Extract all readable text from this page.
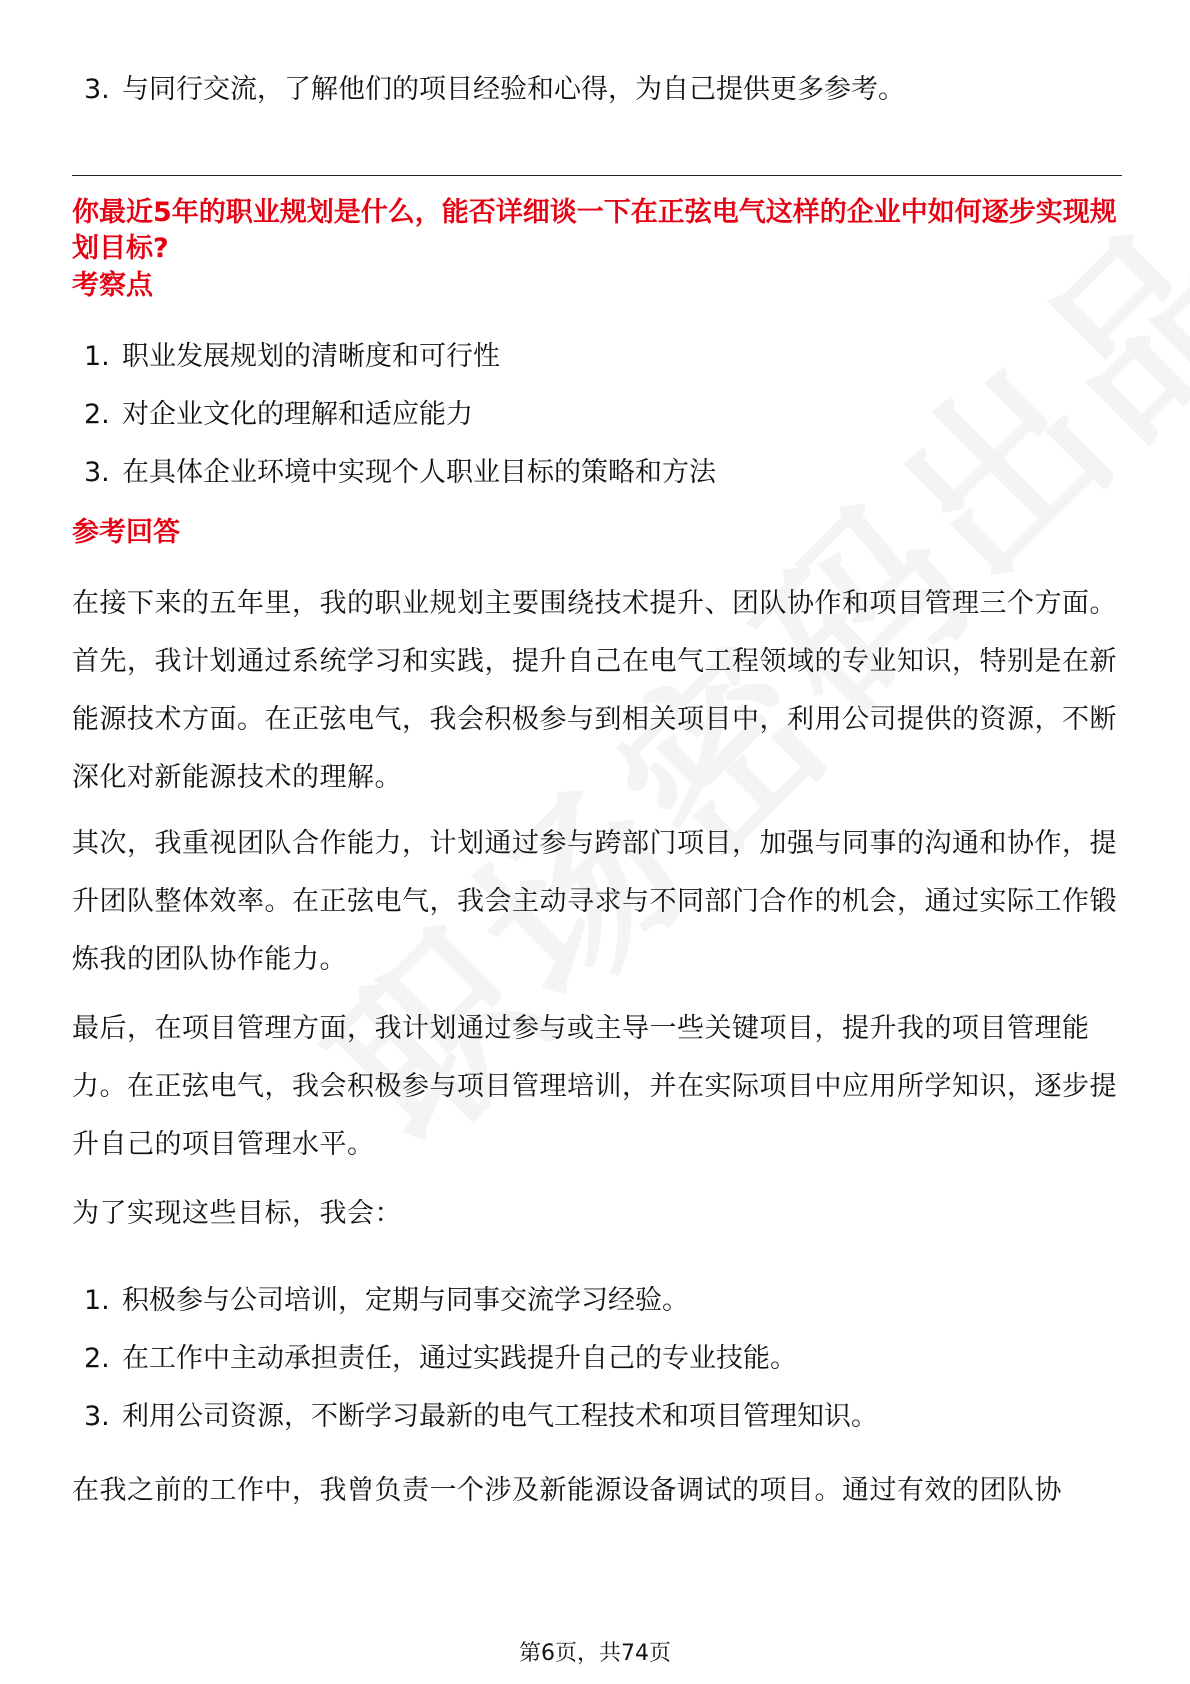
3. 与同行交流，了解他们的项目经验和心得，为自己提供更多参考。
你最近5年的职业规划是什么，能否详细谈一下在正弦电气这样的企业中如何逐步实现规划目标?
考察点
1. 职业发展规划的清晰度和可行性
2. 对企业文化的理解和适应能力
3. 在具体企业环境中实现个人职业目标的策略和方法
参考回答

在接下来的五年里，我的职业规划主要围绕技术提升、团队协作和项目管理三个方面。首先，我计划通过系统学习和实践，提升自己在电气工程领域的专业知识，特别是在新能源技术方面。在正弦电气，我会积极参与到相关项目中，利用公司提供的资源，不断深化对新能源技术的理解。

其次，我重视团队合作能力，计划通过参与跨部门项目，加强与同事的沟通和协作，提升团队整体效率。在正弦电气，我会主动寻求与不同部门合作的机会，通过实际工作锻炼我的团队协作能力。

最后，在项目管理方面，我计划通过参与或主导一些关键项目，提升我的项目管理能力。在正弦电气，我会积极参与项目管理培训，并在实际项目中应用所学知识，逐步提升自己的项目管理水平。

为了实现这些目标，我会：

1. 积极参与公司培训，定期与同事交流学习经验。
2. 在工作中主动承担责任，通过实践提升自己的专业技能。
3. 利用公司资源，不断学习最新的电气工程技术和项目管理知识。

在我之前的工作中，我曾负责一个涉及新能源设备调试的项目。通过有效的团队协

第6页，共74页
